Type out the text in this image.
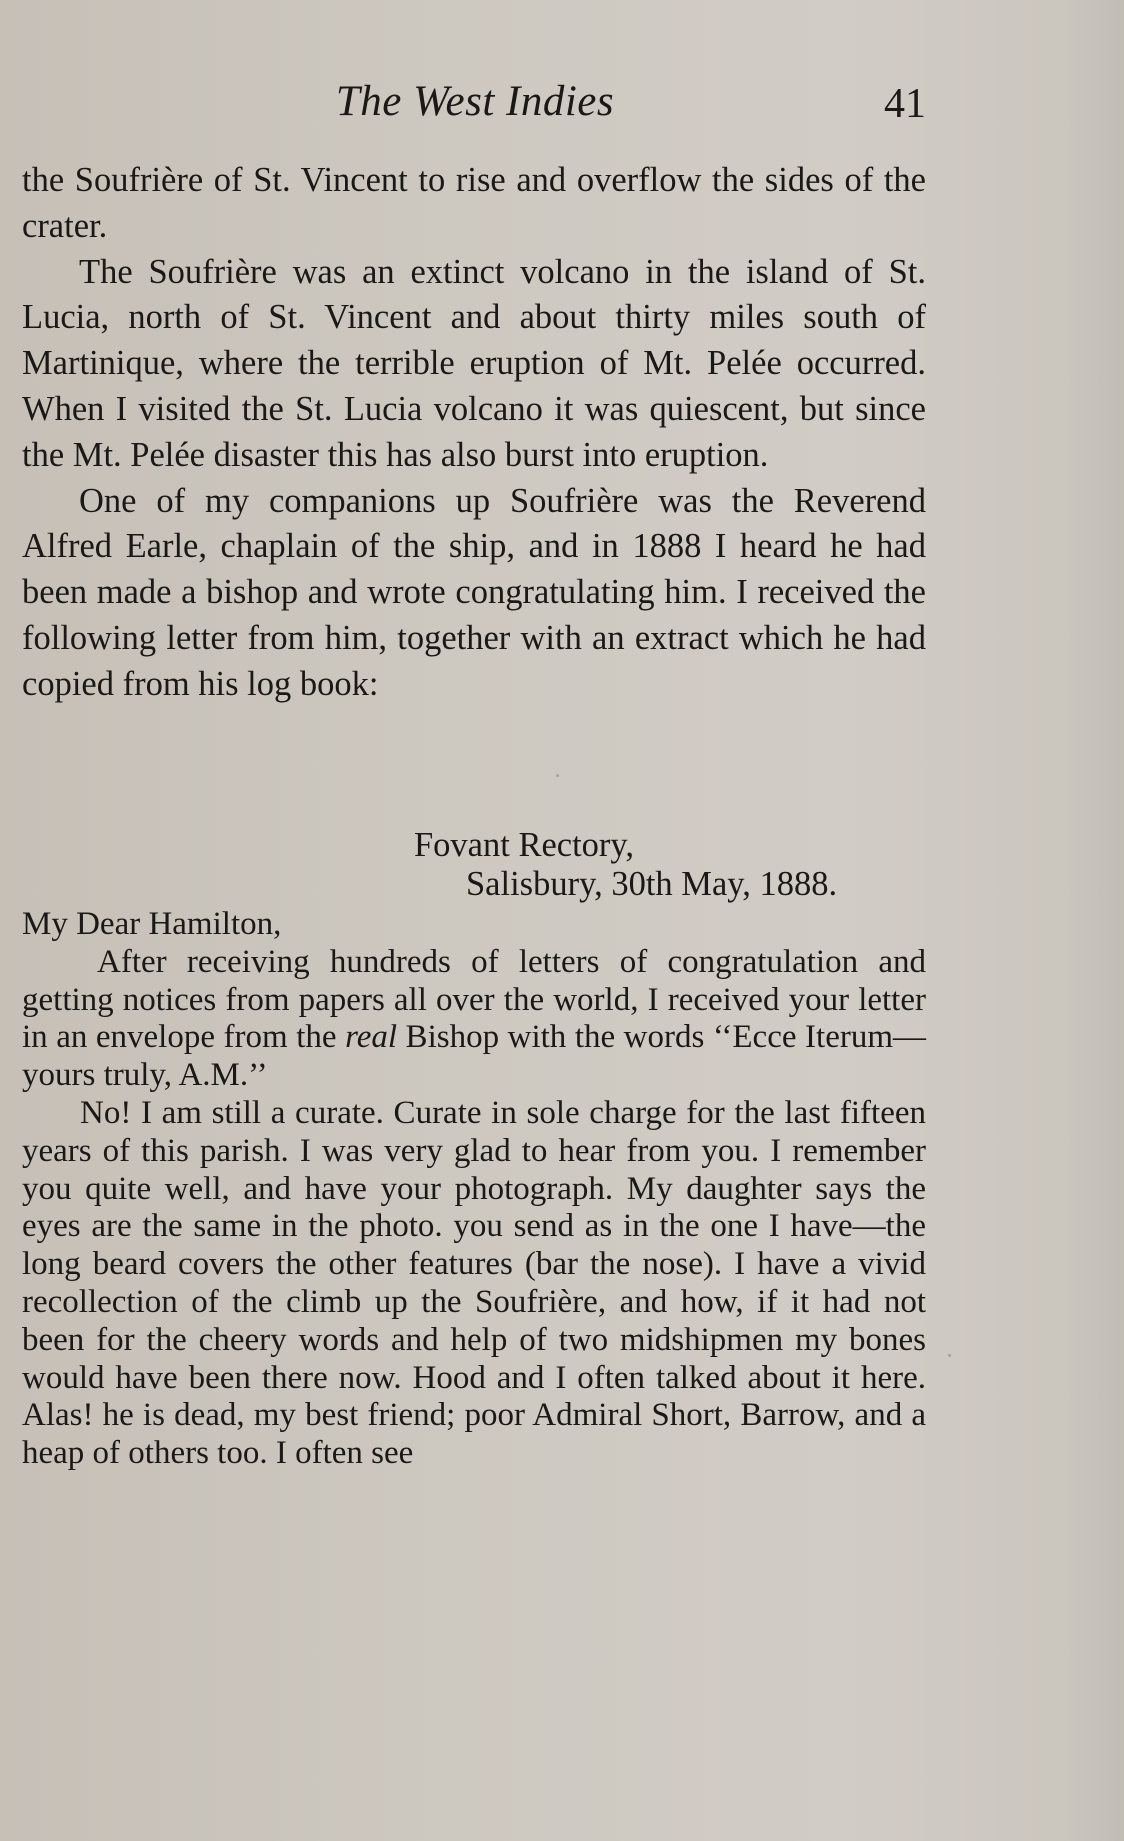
The West Indies	41

the Soufrière of St. Vincent to rise and overflow the sides of the crater.

The Soufrière was an extinct volcano in the island of St. Lucia, north of St. Vincent and about thirty miles south of Martinique, where the terrible eruption of Mt. Pelée occurred. When I visited the St. Lucia volcano it was quiescent, but since the Mt. Pelée disaster this has also burst into eruption.

One of my companions up Soufrière was the Reverend Alfred Earle, chaplain of the ship, and in 1888 I heard he had been made a bishop and wrote congratulating him. I received the following letter from him, together with an extract which he had copied from his log book:

Fovant Rectory,
Salisbury, 30th May, 1888.

My Dear Hamilton,

After receiving hundreds of letters of congratulation and getting notices from papers all over the world, I received your letter in an envelope from the real Bishop with the words ‘‘Ecce Iterum—yours truly, A.M.’’

No! I am still a curate. Curate in sole charge for the last fifteen years of this parish. I was very glad to hear from you. I remember you quite well, and have your photograph. My daughter says the eyes are the same in the photo. you send as in the one I have—the long beard covers the other features (bar the nose). I have a vivid recollection of the climb up the Soufrière, and how, if it had not been for the cheery words and help of two midshipmen my bones would have been there now. Hood and I often talked about it here. Alas! he is dead, my best friend; poor Admiral Short, Barrow, and a heap of others too. I often see
